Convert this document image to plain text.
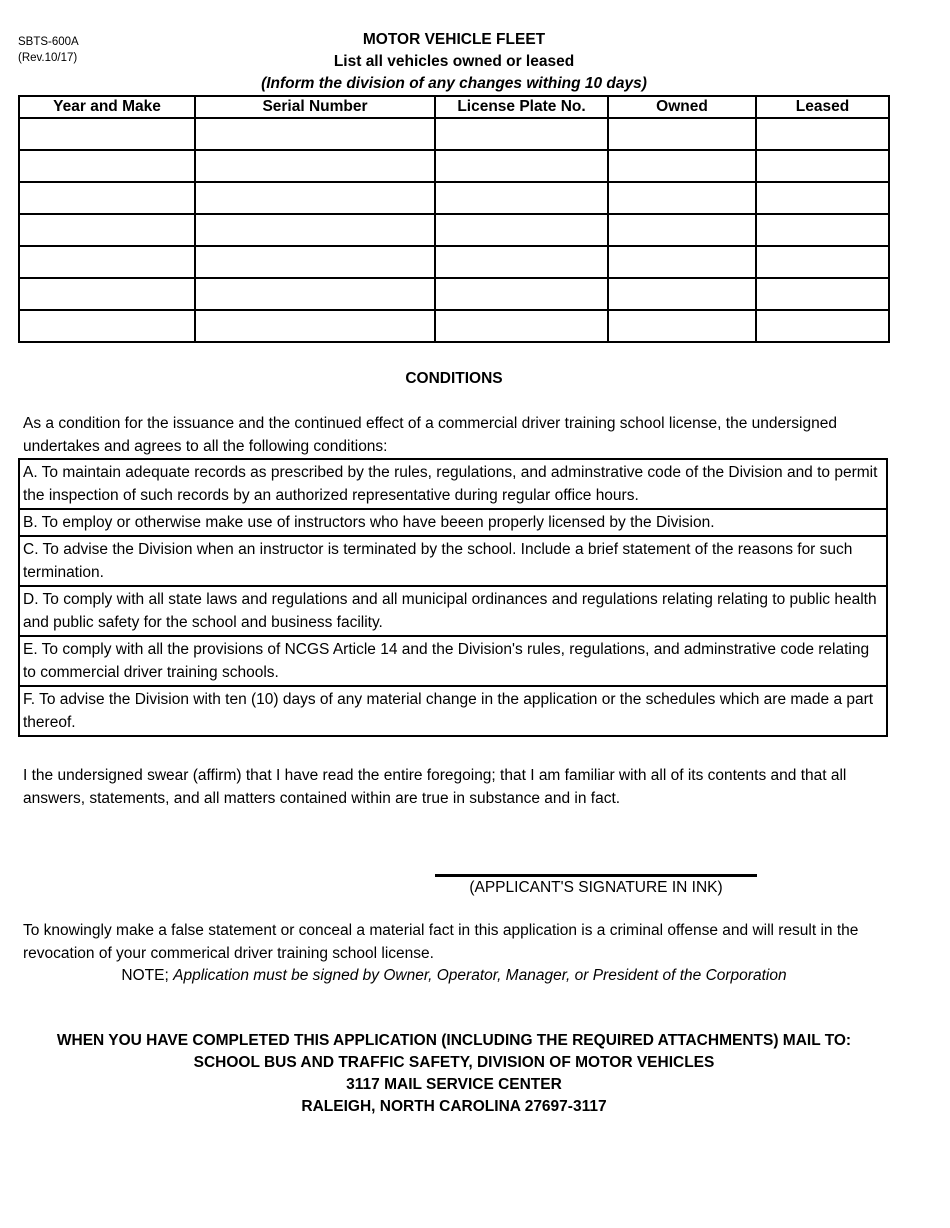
SBTS-600A
(Rev.10/17)
MOTOR VEHICLE FLEET
List all vehicles owned or leased
(Inform the division of any changes withing 10 days)
Year and Make	Serial Number	License Plate No.	Owned	Leased

CONDITIONS
As a condition for the issuance and the continued effect of a commercial driver training school license, the undersigned undertakes and agrees to all the following conditions:
A. To maintain adequate records as prescribed by the rules, regulations, and adminstrative code of the Division and to permit the inspection of such records by an authorized representative during regular office hours.
B. To employ or otherwise make use of instructors who have beeen properly licensed by the Division.
C. To advise the Division when an instructor is terminated by the school. Include a brief statement of the reasons for such termination.
D. To comply with all state laws and regulations and all municipal ordinances and regulations relating relating to public health and public safety for the school and business facility.
E. To comply with all the provisions of NCGS Article 14 and the Division's rules, regulations, and adminstrative code relating to commercial driver training schools.
F. To advise the Division with ten (10) days of any material change in the application or the schedules which are made a part thereof.
I the undersigned swear (affirm) that I have read the entire foregoing; that I am familiar with all of its contents and that all answers, statements, and all matters contained within are true in substance and in fact.
(APPLICANT'S SIGNATURE IN INK)
To knowingly make a false statement or conceal a material fact in this application is a criminal offense and will result in the revocation of your commerical driver training school license.
NOTE; Application must be signed by Owner, Operator, Manager, or President of the Corporation
WHEN YOU HAVE COMPLETED THIS APPLICATION (INCLUDING THE REQUIRED ATTACHMENTS) MAIL TO:
SCHOOL BUS AND TRAFFIC SAFETY, DIVISION OF MOTOR VEHICLES
3117 MAIL SERVICE CENTER
RALEIGH, NORTH CAROLINA 27697-3117
